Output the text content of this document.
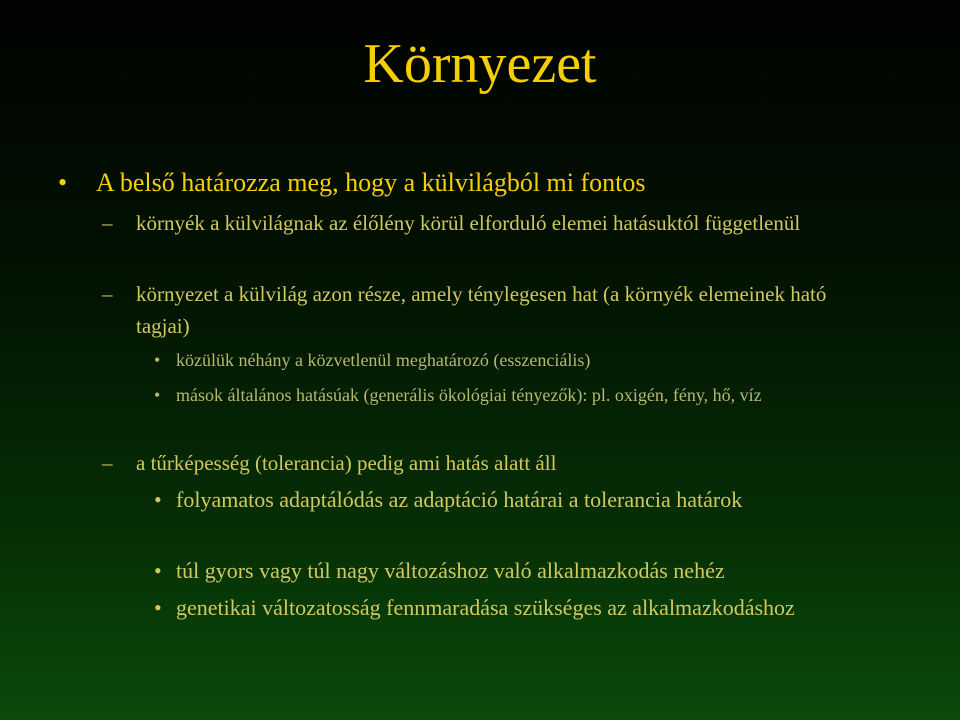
Környezet
• A belső határozza meg, hogy a külvilágból mi fontos
– környék a külvilágnak az élőlény körül elforduló elemei hatásuktól függetlenül
– környezet a külvilág azon része, amely ténylegesen hat (a környék elemeinek ható tagjai)
• közülük néhány a közvetlenül meghatározó (esszenciális)
• mások általános hatásúak (generális ökológiai tényezők): pl. oxigén, fény, hő, víz
– a tűrképesség (tolerancia) pedig ami hatás alatt áll
• folyamatos adaptálódás az adaptáció határai a tolerancia határok
• túl gyors vagy túl nagy változáshoz való alkalmazkodás nehéz
• genetikai változatosság fennmaradása szükséges az alkalmazkodáshoz
